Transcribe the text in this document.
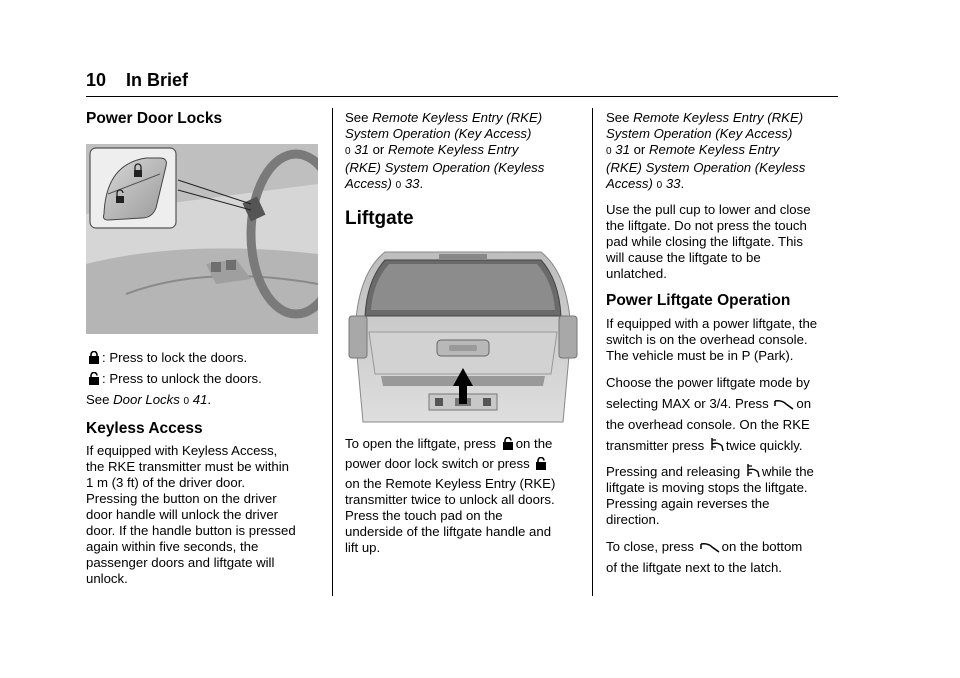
10 In Brief
Power Door Locks

: Press to lock the doors.

: Press to unlock the doors.

See Door Locks 0 41.

Keyless Access

If equipped with Keyless Access,
the RKE transmitter must be within
1 m (3 ft) of the driver door.
Pressing the button on the driver
door handle will unlock the driver
door. If the handle button is pressed
again within five seconds, the
passenger doors and liftgate will
unlock.

See Remote Keyless Entry (RKE)
System Operation (Key Access)
0 31 or Remote Keyless Entry
(RKE) System Operation (Keyless
Access) 0 33.

Liftgate

To open the liftgate, press on the
power door lock switch or press
on the Remote Keyless Entry (RKE)
transmitter twice to unlock all doors.
Press the touch pad on the
underside of the liftgate handle and
lift up.

See Remote Keyless Entry (RKE)
System Operation (Key Access)
0 31 or Remote Keyless Entry
(RKE) System Operation (Keyless
Access) 0 33.

Use the pull cup to lower and close
the liftgate. Do not press the touch
pad while closing the liftgate. This
will cause the liftgate to be
unlatched.

Power Liftgate Operation

If equipped with a power liftgate, the
switch is on the overhead console.
The vehicle must be in P (Park).

Choose the power liftgate mode by
selecting MAX or 3/4. Press on
the overhead console. On the RKE
transmitter press twice quickly.

Pressing and releasing while the
liftgate is moving stops the liftgate.
Pressing again reverses the
direction.

To close, press on the bottom
of the liftgate next to the latch.
